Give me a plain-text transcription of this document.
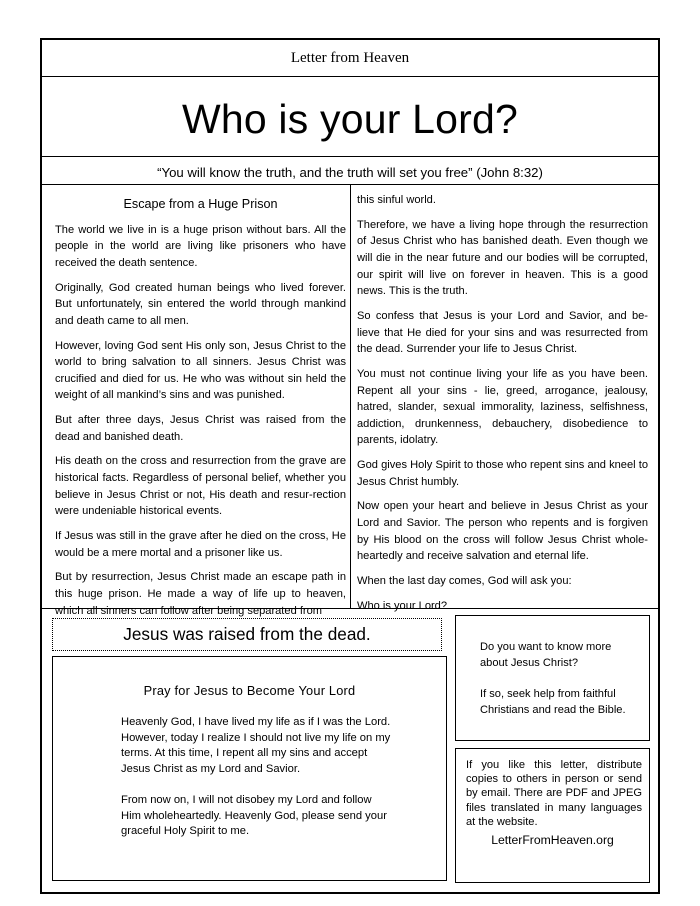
Letter from Heaven
Who is your Lord?
“You will know the truth, and the truth will set you free” (John 8:32)

Escape from a Huge Prison

The world we live in is a huge prison without bars. All the people in the world are living like prisoners who have received the death sentence.

Originally, God created human beings who lived forever. But unfortunately, sin entered the world through mankind and death came to all men.

However, loving God sent His only son, Jesus Christ to the world to bring salvation to all sinners. Jesus Christ was crucified and died for us. He who was without sin held the weight of all mankind’s sins and was punished.

But after three days, Jesus Christ was raised from the dead and banished death.

His death on the cross and resurrection from the grave are historical facts. Regardless of personal belief, whether you believe in Jesus Christ or not, His death and resur-rection were undeniable historical events.

If Jesus was still in the grave after he died on the cross, He would be a mere mortal and a prisoner like us.

But by resurrection, Jesus Christ made an escape path in this huge prison. He made a way of life up to heaven, which all sinners can follow after being separated from

this sinful world.

Therefore, we have a living hope through the resurrection of Jesus Christ who has banished death. Even though we will die in the near future and our bodies will be corrupted, our spirit will live on forever in heaven. This is a good news. This is the truth.

So confess that Jesus is your Lord and Savior, and be-lieve that He died for your sins and was resurrected from the dead. Surrender your life to Jesus Christ.

You must not continue living your life as you have been. Repent all your sins - lie, greed, arrogance, jealousy, hatred, slander, sexual immorality, laziness, selfishness, addiction, drunkenness, debauchery, disobedience to parents, idolatry.

God gives Holy Spirit to those who repent sins and kneel to Jesus Christ humbly.

Now open your heart and believe in Jesus Christ as your Lord and Savior. The person who repents and is forgiven by His blood on the cross will follow Jesus Christ whole-heartedly and receive salvation and eternal life.

When the last day comes, God will ask you:

Who is your Lord?

Jesus was raised from the dead.
Pray for Jesus to Become Your Lord

Heavenly God, I have lived my life as if I was the Lord. However, today I realize I should not live my life on my terms. At this time, I repent all my sins and accept Jesus Christ as my Lord and Savior.

From now on, I will not disobey my Lord and follow Him wholeheartedly. Heavenly God, please send your graceful Holy Spirit to me.

Do you want to know more about Jesus Christ?

If so, seek help from faithful Christians and read the Bible.

If you like this letter, distribute copies to others in person or send by email. There are PDF and JPEG files translated in many languages at the website.
LetterFromHeaven.org
